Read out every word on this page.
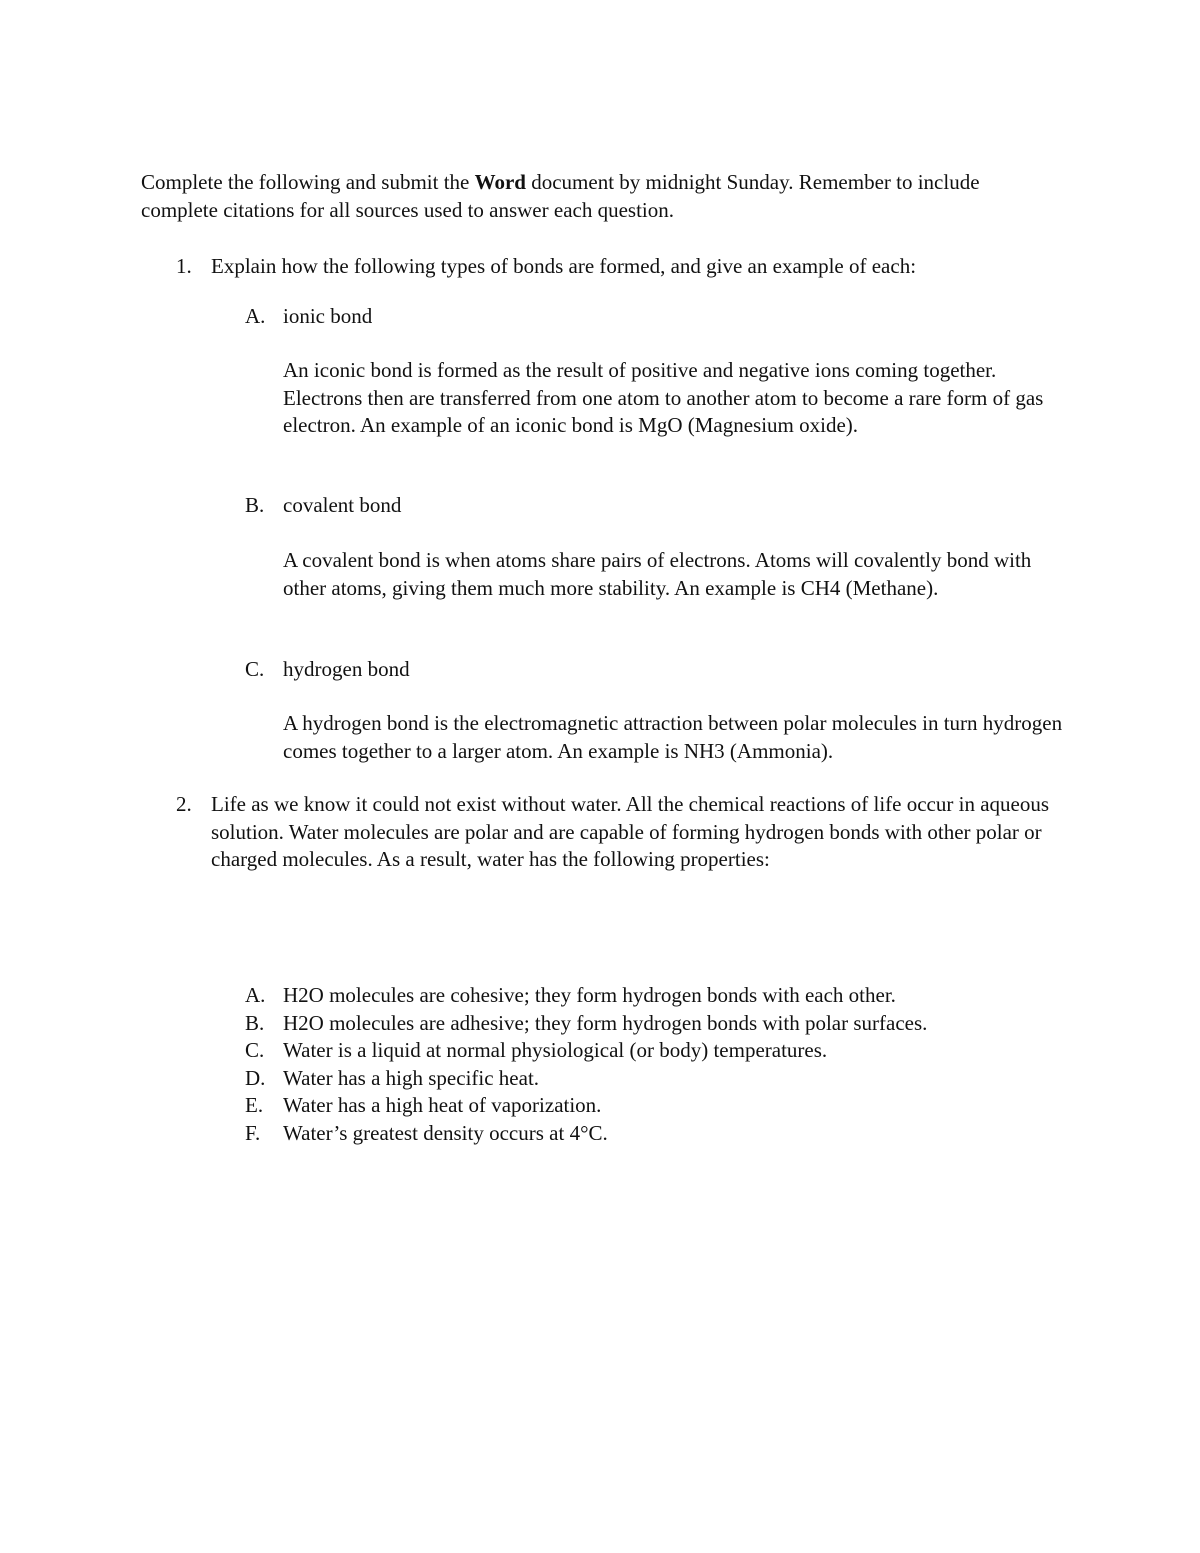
Complete the following and submit the Word document by midnight Sunday. Remember to include complete citations for all sources used to answer each question.

1. Explain how the following types of bonds are formed, and give an example of each:
A. ionic bond

An iconic bond is formed as the result of positive and negative ions coming together. Electrons then are transferred from one atom to another atom to become a rare form of gas electron. An example of an iconic bond is MgO (Magnesium oxide).

B. covalent bond

A covalent bond is when atoms share pairs of electrons. Atoms will covalently bond with other atoms, giving them much more stability. An example is CH4 (Methane).

C. hydrogen bond

A hydrogen bond is the electromagnetic attraction between polar molecules in turn hydrogen comes together to a larger atom. An example is NH3 (Ammonia).

2. Life as we know it could not exist without water. All the chemical reactions of life occur in aqueous solution. Water molecules are polar and are capable of forming hydrogen bonds with other polar or charged molecules. As a result, water has the following properties:
A. H2O molecules are cohesive; they form hydrogen bonds with each other.
B. H2O molecules are adhesive; they form hydrogen bonds with polar surfaces.
C. Water is a liquid at normal physiological (or body) temperatures.
D. Water has a high specific heat.
E. Water has a high heat of vaporization.
F. Water’s greatest density occurs at 4°C.
